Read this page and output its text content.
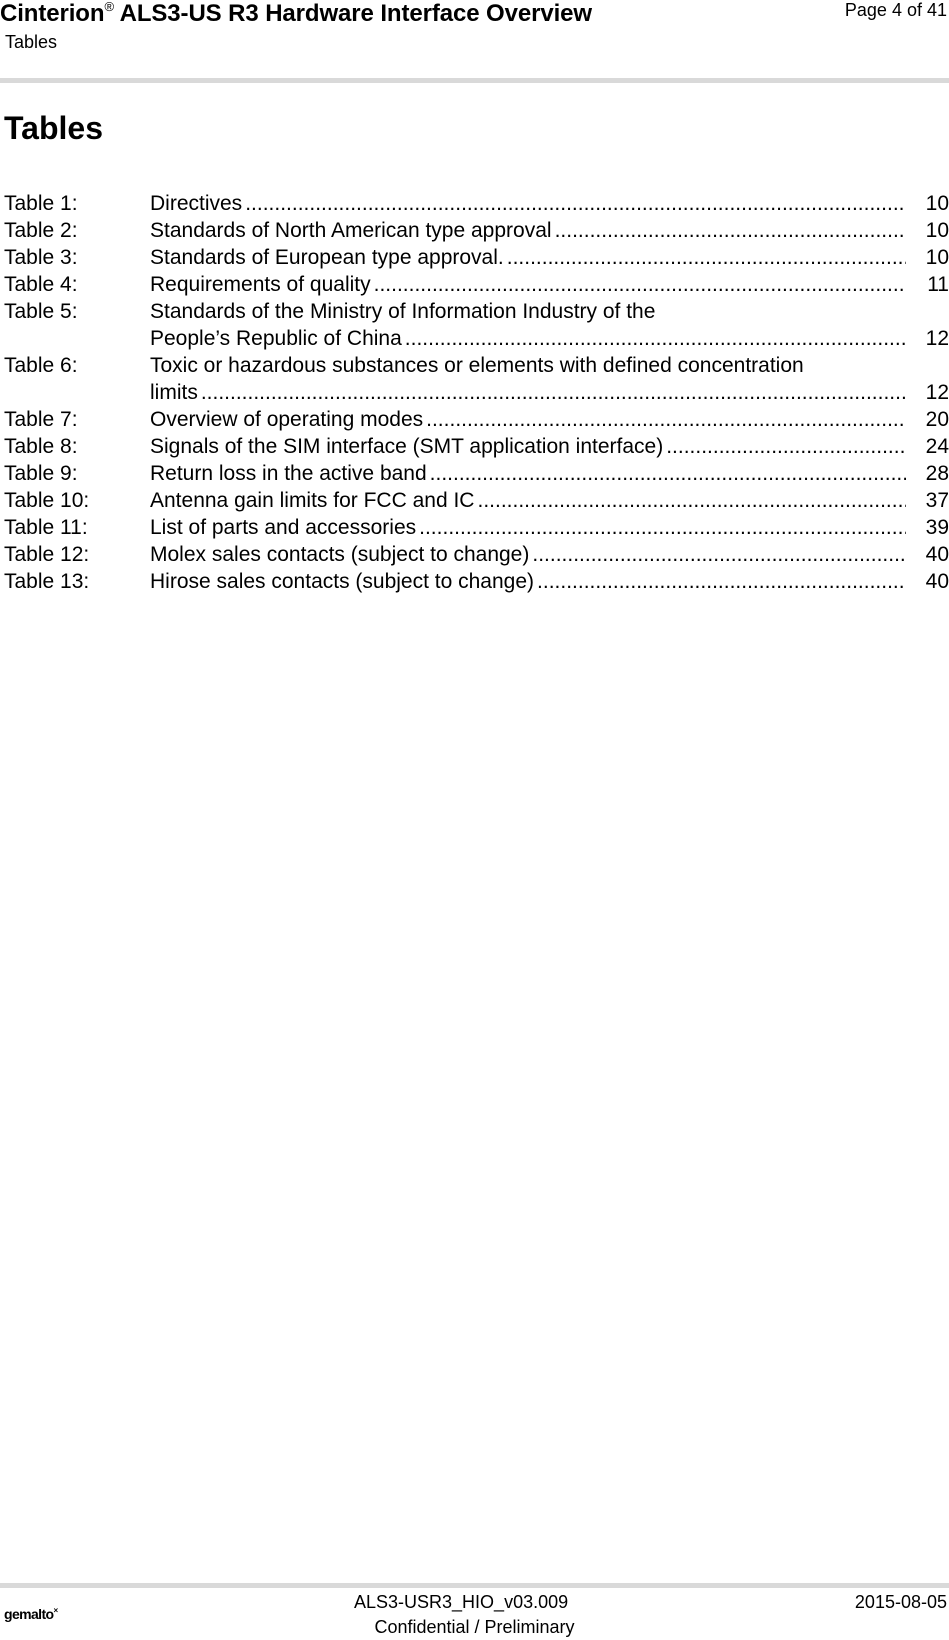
Cinterion® ALS3-US R3 Hardware Interface Overview
Tables
Page 4 of 41
Tables
Table 1:	Directives .....	10
Table 2:	Standards of North American type approval .....	10
Table 3:	Standards of European type approval. .....	10
Table 4:	Requirements of quality .....	11
Table 5:	Standards of the Ministry of Information Industry of the
People’s Republic of China .....	12
Table 6:	Toxic or hazardous substances or elements with defined concentration
limits .....	12
Table 7:	Overview of operating modes .....	20
Table 8:	Signals of the SIM interface (SMT application interface) .....	24
Table 9:	Return loss in the active band .....	28
Table 10:	Antenna gain limits for FCC and IC .....	37
Table 11:	List of parts and accessories .....	39
Table 12:	Molex sales contacts (subject to change) .....	40
Table 13:	Hirose sales contacts (subject to change) .....	40
gemalto×	ALS3-USR3_HIO_v03.009
Confidential / Preliminary
2015-08-05
